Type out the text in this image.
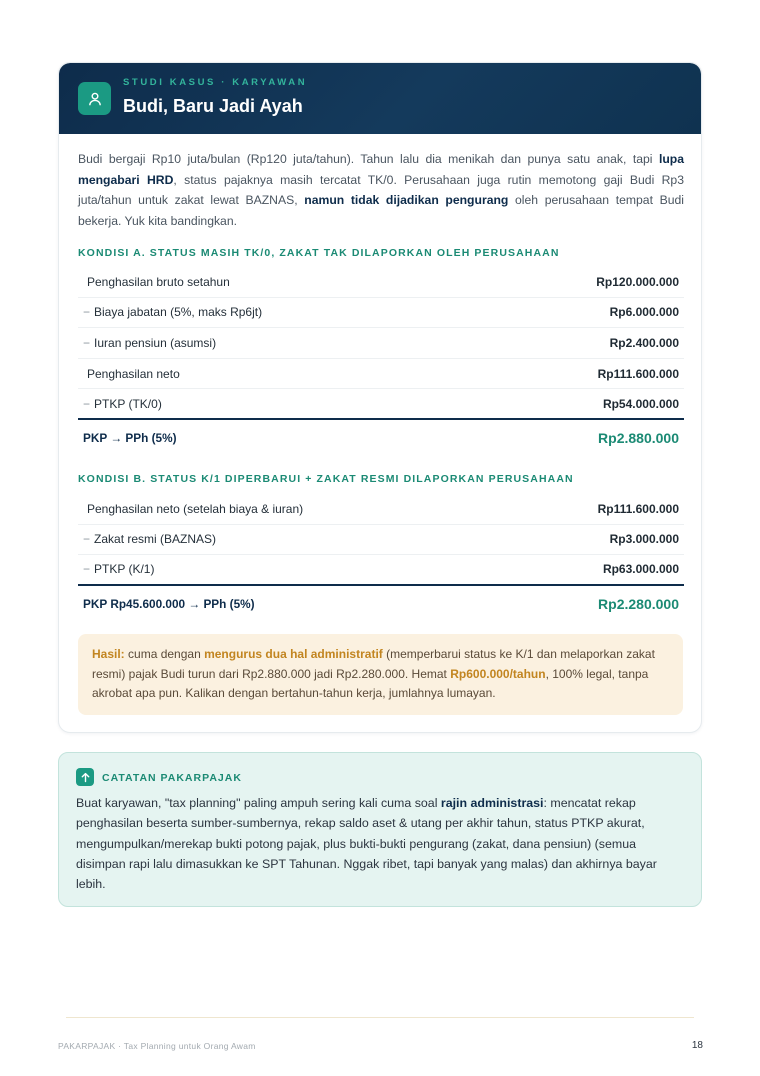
STUDI KASUS · KARYAWAN
Budi, Baru Jadi Ayah

Budi bergaji Rp10 juta/bulan (Rp120 juta/tahun). Tahun lalu dia menikah dan punya satu anak, tapi lupa mengabari HRD, status pajaknya masih tercatat TK/0. Perusahaan juga rutin memotong gaji Budi Rp3 juta/tahun untuk zakat lewat BAZNAS, namun tidak dijadikan pengurang oleh perusahaan tempat Budi bekerja. Yuk kita bandingkan.

KONDISI A. STATUS MASIH TK/0, ZAKAT TAK DILAPORKAN OLEH PERUSAHAAN
Penghasilan bruto setahun	Rp120.000.000
− Biaya jabatan (5%, maks Rp6jt)	Rp6.000.000
− Iuran pensiun (asumsi)	Rp2.400.000
Penghasilan neto	Rp111.600.000
− PTKP (TK/0)	Rp54.000.000
PKP → PPh (5%)	Rp2.880.000
KONDISI B. STATUS K/1 DIPERBARUI + ZAKAT RESMI DILAPORKAN PERUSAHAAN
Penghasilan neto (setelah biaya & iuran)	Rp111.600.000
− Zakat resmi (BAZNAS)	Rp3.000.000
− PTKP (K/1)	Rp63.000.000
PKP Rp45.600.000 → PPh (5%)	Rp2.280.000
Hasil: cuma dengan mengurus dua hal administratif (memperbarui status ke K/1 dan melaporkan zakat resmi) pajak Budi turun dari Rp2.880.000 jadi Rp2.280.000. Hemat Rp600.000/tahun, 100% legal, tanpa akrobat apa pun. Kalikan dengan bertahun-tahun kerja, jumlahnya lumayan.
CATATAN PAKARPAJAK

Buat karyawan, "tax planning" paling ampuh sering kali cuma soal rajin administrasi: mencatat rekap penghasilan beserta sumber-sumbernya, rekap saldo aset & utang per akhir tahun, status PTKP akurat, mengumpulkan/merekap bukti potong pajak, plus bukti-bukti pengurang (zakat, dana pensiun) (semua disimpan rapi lalu dimasukkan ke SPT Tahunan. Nggak ribet, tapi banyak yang malas) dan akhirnya bayar lebih.

PAKARPAJAK · Tax Planning untuk Orang Awam	18
